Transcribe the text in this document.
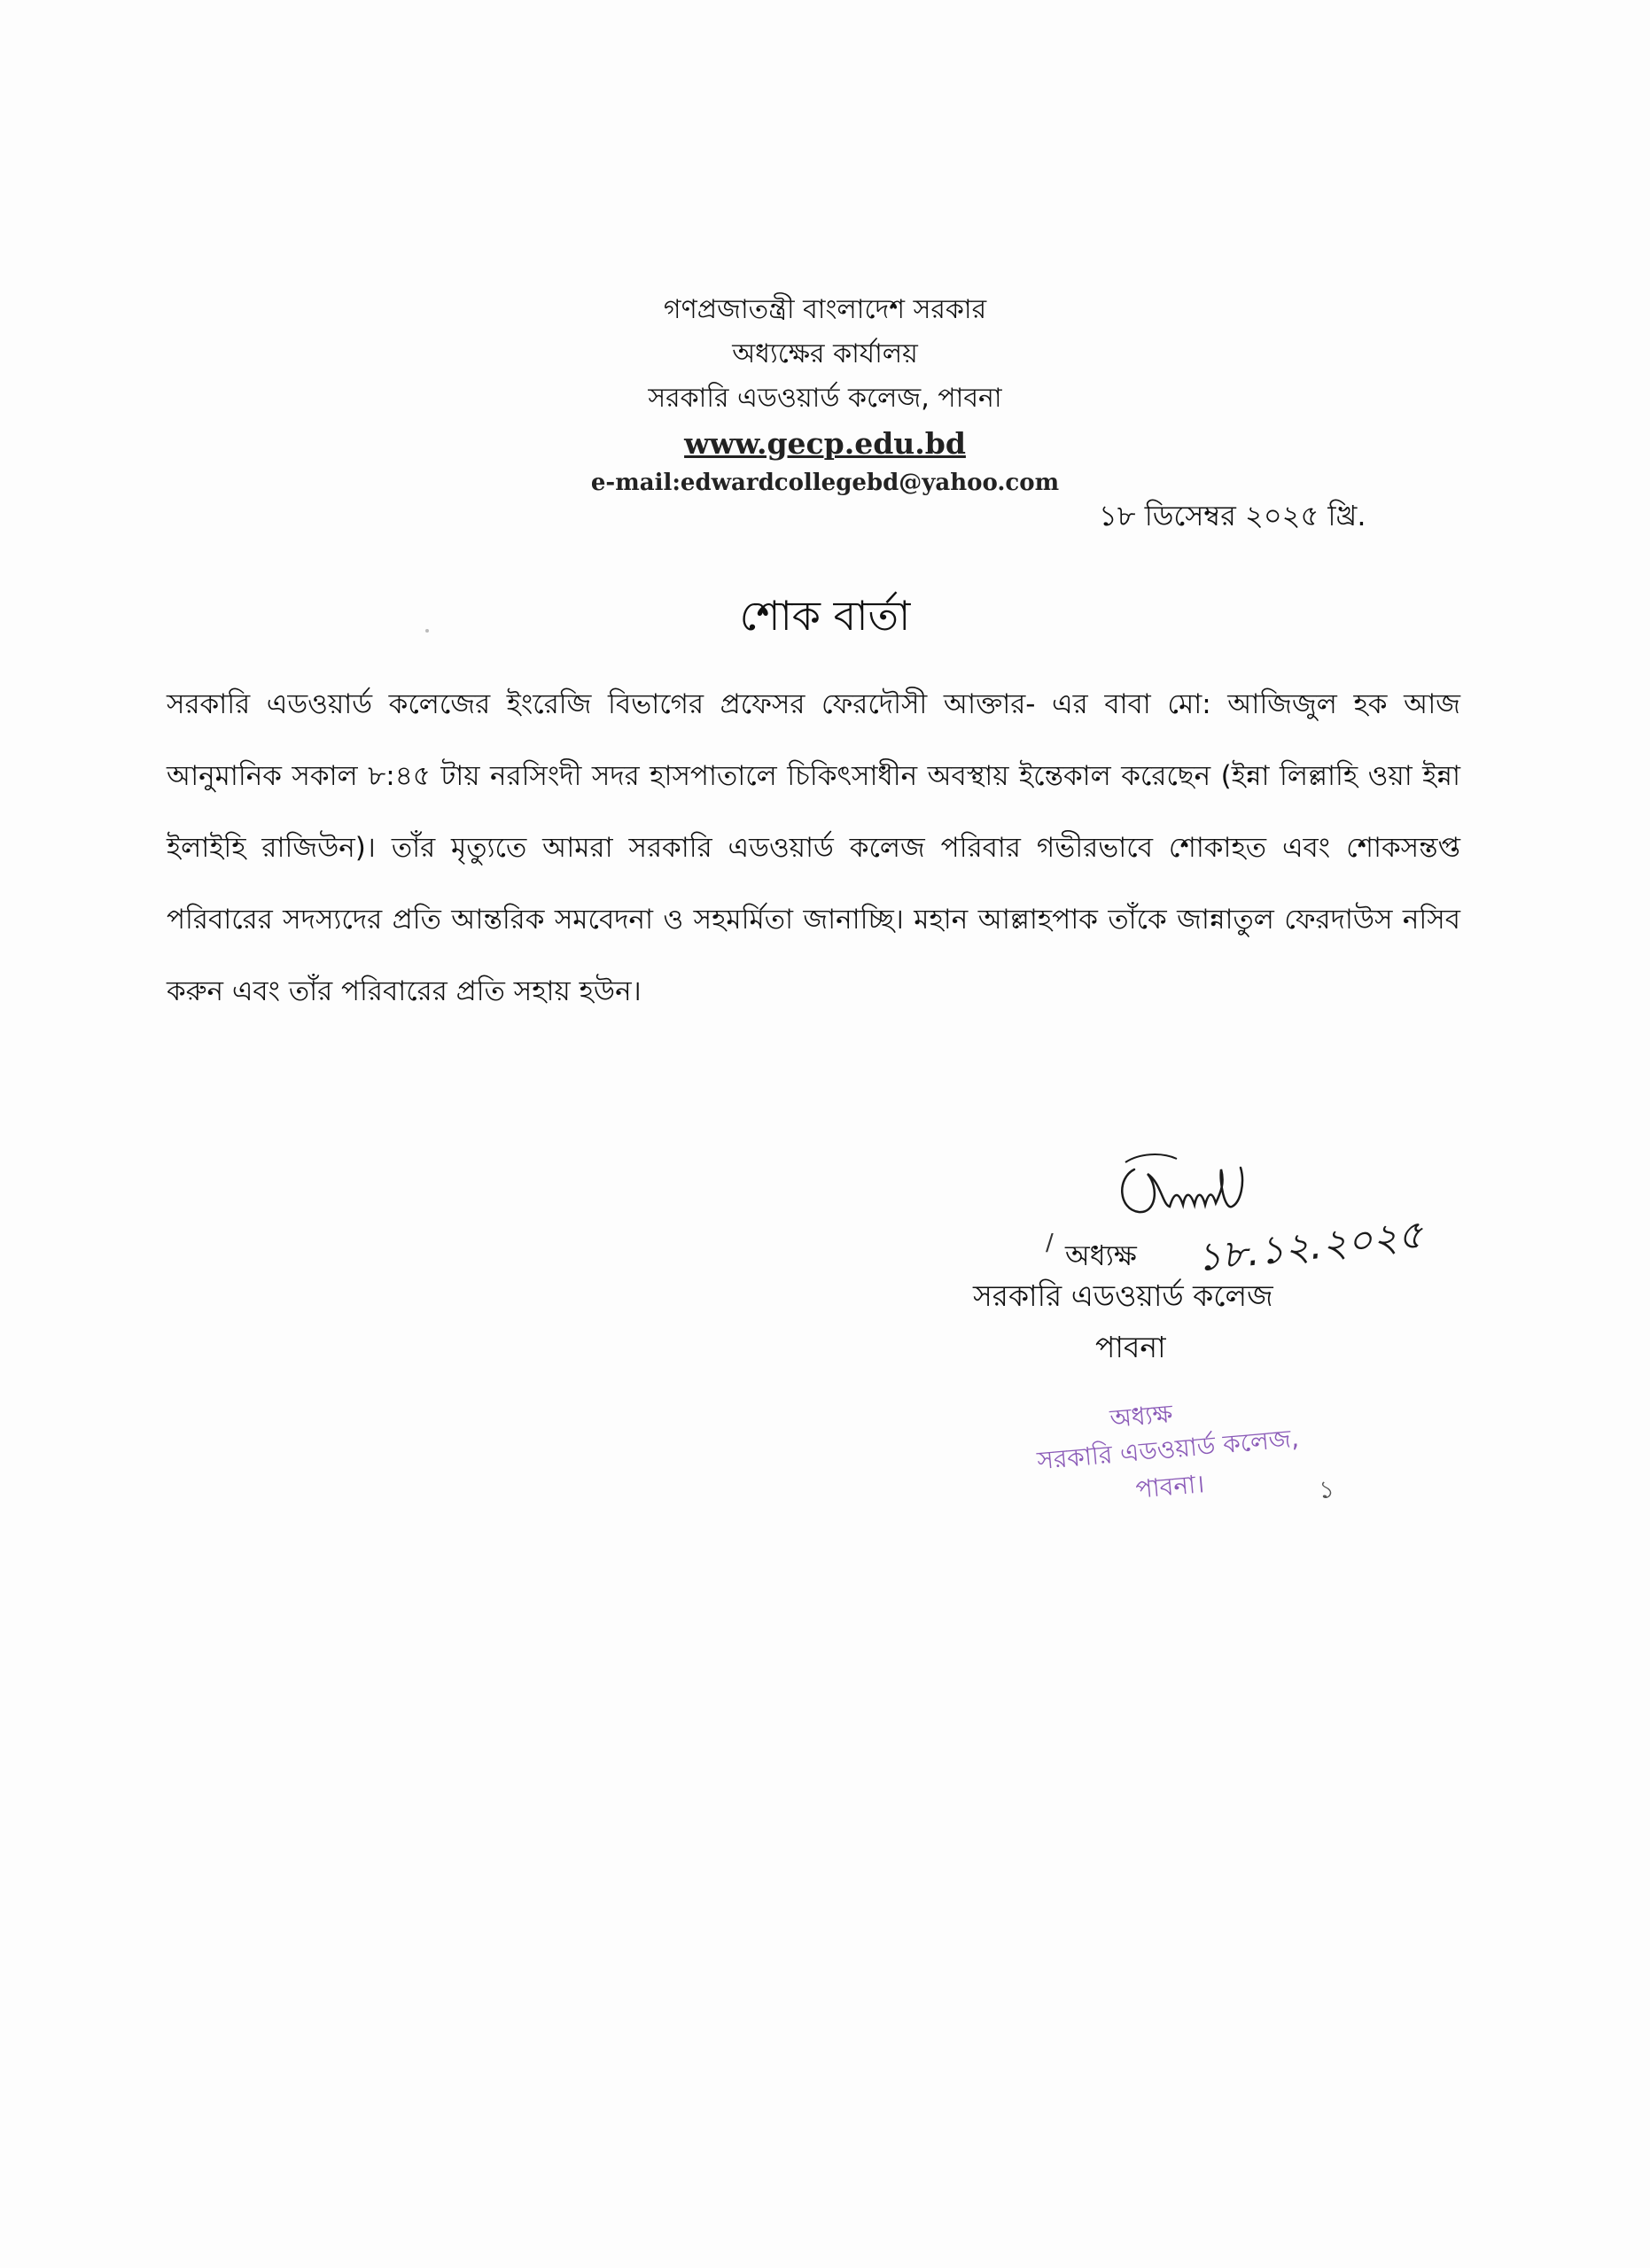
গণপ্রজাতন্ত্রী বাংলাদেশ সরকার
অধ্যক্ষের কার্যালয়
সরকারি এডওয়ার্ড কলেজ, পাবনা
www.gecp.edu.bd
e-mail:edwardcollegebd@yahoo.com
১৮ ডিসেম্বর ২০২৫ খ্রি.
শোক বার্তা

সরকারি এডওয়ার্ড কলেজের ইংরেজি বিভাগের প্রফেসর ফেরদৌসী আক্তার- এর বাবা মো: আজিজুল হক আজ আনুমানিক সকাল ৮:৪৫ টায় নরসিংদী সদর হাসপাতালে চিকিৎসাধীন অবস্থায় ইন্তেকাল করেছেন (ইন্না লিল্লাহি ওয়া ইন্না ইলাইহি রাজিউন)। তাঁর মৃত্যুতে আমরা সরকারি এডওয়ার্ড কলেজ পরিবার গভীরভাবে শোকাহত এবং শোকসন্তপ্ত পরিবারের সদস্যদের প্রতি আন্তরিক সমবেদনা ও সহমর্মিতা জানাচ্ছি। মহান আল্লাহপাক তাঁকে জান্নাতুল ফেরদাউস নসিব করুন এবং তাঁর পরিবারের প্রতি সহায় হউন।

১৮.১২.২০২৫
/ অধ্যক্ষ
সরকারি এডওয়ার্ড কলেজ
পাবনা
অধ্যক্ষ
সরকারি এডওয়ার্ড কলেজ,
পাবনা।	১
